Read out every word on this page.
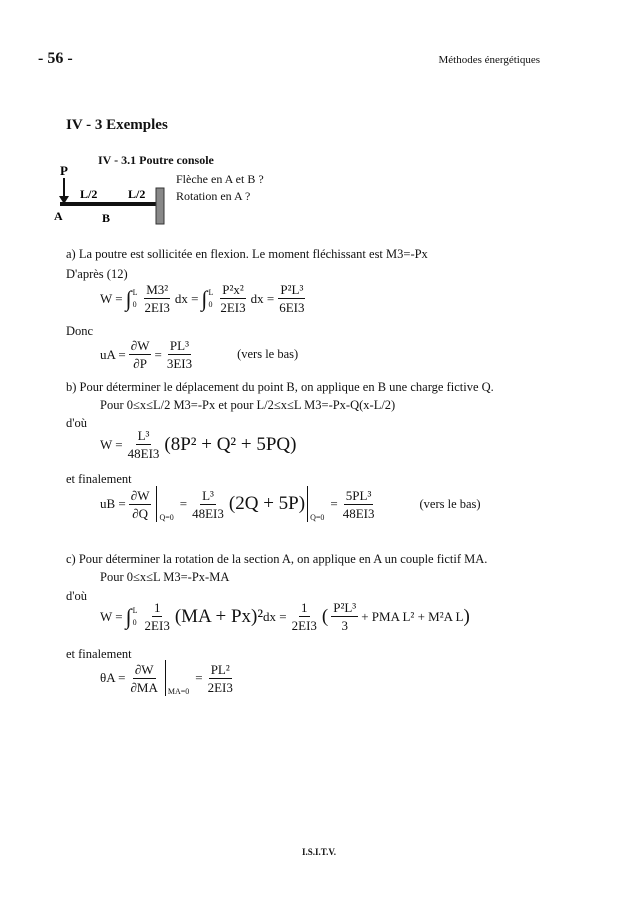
- 56 -	Méthodes énergétiques
IV - 3 Exemples
IV - 3.1 Poutre console
P
L/2	L/2
A	B
Flèche en A et B ?
Rotation en A ?
a) La poutre est sollicitée en flexion. Le moment fléchissant est M3=-Px
D'après (12)
W = ∫ L
$0 \frac{\text{M3²}}{2EI3}$ dx = ∫ L
$0 \frac{\text{P²x²}}{2EI3}$ dx = $\frac{\text{P²L³}}{6EI3}$
Donc
uA = $\frac{\partial W}{\partial P} = \frac{\text{PL³}}{3EI3}$	(vers le bas)
b) Pour déterminer le déplacement du point B, on applique en B une charge fictive Q.
Pour 0≤x≤L/2 M3=-Px et pour L/2≤x≤L M3=-Px-Q(x-L/2)
d'où
$W = \frac{\text{L³}}{48EI3} (8P^2 + Q^2 + 5PQ)$
et finalement
uB = $\frac{\partial W}{\partial Q} Q=0$
= $\frac{\text{L³}}{48EI3} (2Q + 5P)$
Q=0
= $\frac{\text{5PL³}}{48EI3}$	(vers le bas)
c) Pour déterminer la rotation de la section A, on applique en A un couple fictif MA.
Pour 0≤x≤L M3=-Px-MA
d'où
W = ∫ L
$0 \frac{1}{2EI3} (MA + Px)^2$ dx = $\frac{1}{2EI3}$ ( $\frac{\text{P²L³}}{3}$ + PMA L² + M²A L )
et finalement
$\theta A = \frac{\partial W}{\partial MA} MA=0$
= $\frac{\text{PL²}}{2EI3}$
I.S.I.T.V.
